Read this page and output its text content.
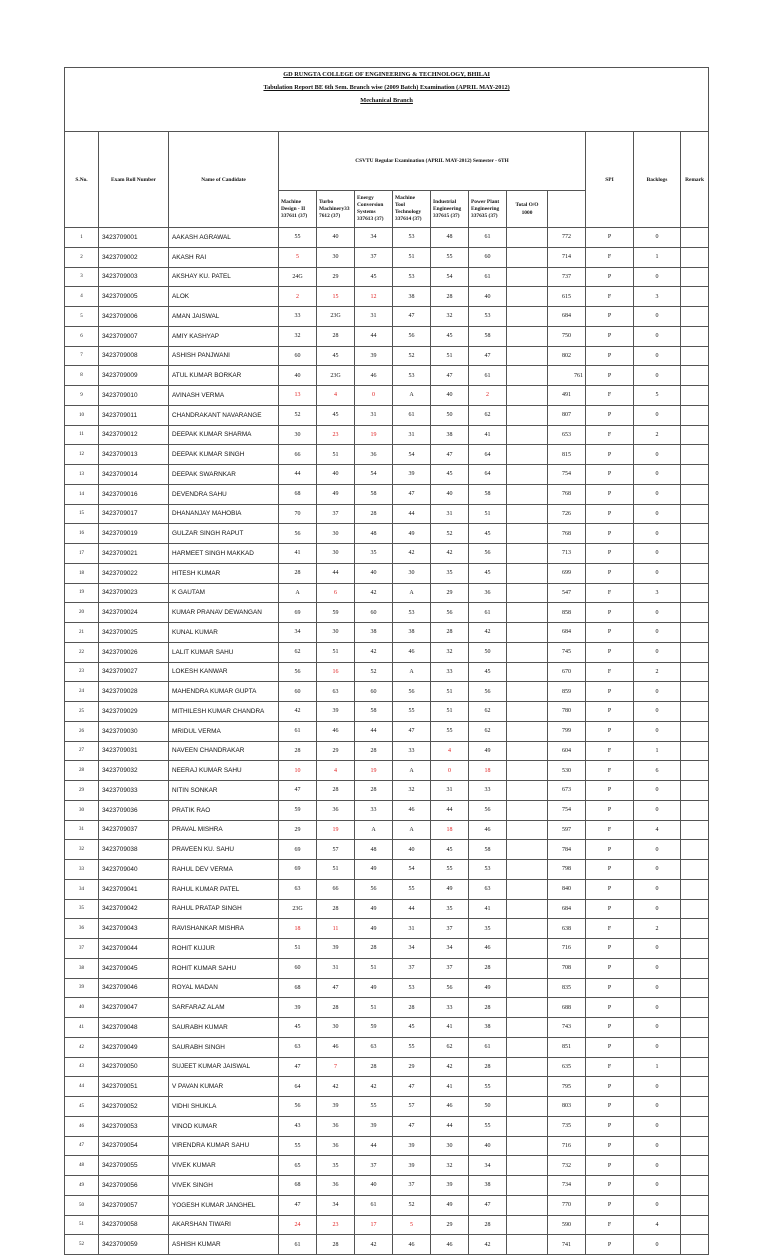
GD RUNGTA COLLEGE OF ENGINEERING & TECHNOLOGY, BHILAI													
Tabulation Report BE 6th Sem. Branch wise (2009 Batch) Examination (APRIL MAY-2012)													
Mechanical Branch													

S.No.	Exam Roll Number	Name of Candidate	CSVTU Regular Examination (APRIL MAY-2012) Semester - 6TH								SPI	Backlogs	Remark
			Machine
Design - II
337611 (37)	Turbo
Machinery33
7612 (37)	Energy
Conversion
Systems
337613 (37)	Machine
Tool
Technology
337614 (37)	Industrial
Engineering
337615 (37)	Power Plant
Engineering
337635 (37)	Total O/O
1000				
1	3423709001	AAKASH AGRAWAL	55	40	34	53	48	61		772	P	0	
2	3423709002	AKASH RAI	5	30	37	51	55	60		714	F	1	
3	3423709003	AKSHAY KU. PATEL	24G	29	45	53	54	61		737	P	0	
4	3423709005	ALOK	2	15	12	38	28	40		615	F	3	
5	3423709006	AMAN JAISWAL	33	23G	31	47	32	53		684	P	0	
6	3423709007	AMIY KASHYAP	32	28	44	56	45	58		750	P	0	
7	3423709008	ASHISH PANJWANI	60	45	39	52	51	47		802	P	0	
8	3423709009	ATUL KUMAR BORKAR	40	23G	46	53	47	61		761	P	0	
9	3423709010	AVINASH VERMA	13	4	0	A	40	2		491	F	5	
10	3423709011	CHANDRAKANT NAVARANGE	52	45	31	61	50	62		807	P	0	
11	3423709012	DEEPAK KUMAR SHARMA	30	23	19	31	38	41		653	F	2	
12	3423709013	DEEPAK KUMAR SINGH	66	51	36	54	47	64		815	P	0	
13	3423709014	DEEPAK SWARNKAR	44	40	54	39	45	64		754	P	0	
14	3423709016	DEVENDRA SAHU	68	49	58	47	40	58		768	P	0	
15	3423709017	DHANANJAY MAHOBIA	70	37	28	44	31	51		726	P	0	
16	3423709019	GULZAR SINGH RAPUT	56	30	48	49	52	45		768	P	0	
17	3423709021	HARMEET SINGH MAKKAD	41	30	35	42	42	56		713	P	0	
18	3423709022	HITESH KUMAR	28	44	40	30	35	45		699	P	0	
19	3423709023	K GAUTAM	A	6	42	A	29	36		547	F	3	
20	3423709024	KUMAR PRANAV DEWANGAN	69	59	60	53	56	61		858	P	0	
21	3423709025	KUNAL KUMAR	34	30	38	38	28	42		684	P	0	
22	3423709026	LALIT KUMAR SAHU	62	51	42	46	32	50		745	P	0	
23	3423709027	LOKESH KANWAR	56	16	52	A	33	45		670	F	2	
24	3423709028	MAHENDRA KUMAR GUPTA	60	63	60	56	51	56		859	P	0	
25	3423709029	MITHILESH KUMAR CHANDRA	42	39	58	55	51	62		780	P	0	
26	3423709030	MRIDUL VERMA	61	46	44	47	55	62		799	P	0	
27	3423709031	NAVEEN CHANDRAKAR	28	29	28	33	4	49		604	F	1	
28	3423709032	NEERAJ KUMAR SAHU	10	4	19	A	0	18		530	F	6	
29	3423709033	NITIN SONKAR	47	28	28	32	31	33		673	P	0	
30	3423709036	PRATIK RAO	59	36	33	46	44	56		754	P	0	
31	3423709037	PRAVAL MISHRA	29	19	A	A	18	46		597	F	4	
32	3423709038	PRAVEEN KU. SAHU	69	57	48	40	45	58		784	P	0	
33	3423709040	RAHUL DEV VERMA	69	51	49	54	55	53		798	P	0	
34	3423709041	RAHUL KUMAR PATEL	63	66	56	55	49	63		840	P	0	
35	3423709042	RAHUL PRATAP SINGH	23G	28	49	44	35	41		684	P	0	
36	3423709043	RAVISHANKAR MISHRA	18	11	49	31	37	35		638	F	2	
37	3423709044	ROHIT KUJUR	51	39	28	34	34	46		716	P	0	
38	3423709045	ROHIT KUMAR SAHU	60	31	51	37	37	28		708	P	0	
39	3423709046	ROYAL MADAN	68	47	49	53	56	49		835	P	0	
40	3423709047	SARFARAZ ALAM	39	28	51	28	33	28		688	P	0	
41	3423709048	SAURABH KUMAR	45	30	59	45	41	38		743	P	0	
42	3423709049	SAURABH SINGH	63	46	63	55	62	61		851	P	0	
43	3423709050	SUJEET KUMAR JAISWAL	47	7	28	29	42	28		635	F	1	
44	3423709051	V PAVAN KUMAR	64	42	42	47	41	55		795	P	0	
45	3423709052	VIDHI SHUKLA	56	39	55	57	46	50		803	P	0	
46	3423709053	VINOD KUMAR	43	36	39	47	44	55		735	P	0	
47	3423709054	VIRENDRA KUMAR SAHU	55	36	44	39	30	40		716	P	0	
48	3423709055	VIVEK KUMAR	65	35	37	39	32	34		732	P	0	
49	3423709056	VIVEK SINGH	68	36	40	37	39	38		734	P	0	
50	3423709057	YOGESH KUMAR JANGHEL	47	34	61	52	49	47		770	P	0	
51	3423709058	AKARSHAN TIWARI	24	23	17	5	29	28		590	F	4	
52	3423709059	ASHISH KUMAR	61	28	42	46	46	42		741	P	0	
